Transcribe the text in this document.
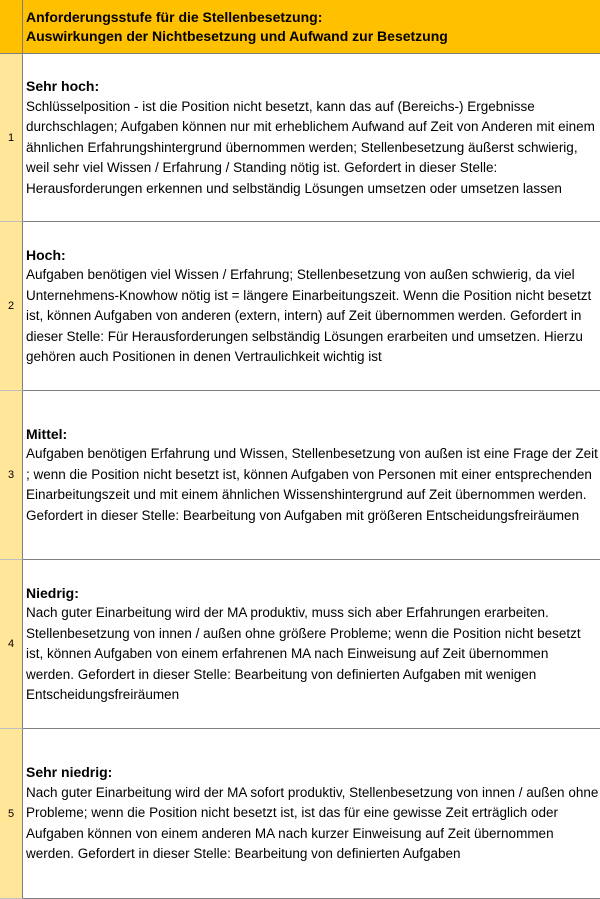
Anforderungsstufe für die Stellenbesetzung:
Auswirkungen der Nichtbesetzung und Aufwand zur Besetzung
1
Sehr hoch:

Schlüsselposition - ist die Position nicht besetzt, kann das auf (Bereichs-) Ergebnisse durchschlagen; Aufgaben können nur mit erheblichem Aufwand auf Zeit von Anderen mit einem ähnlichen Erfahrungshintergrund übernommen werden; Stellenbesetzung äußerst schwierig, weil sehr viel Wissen / Erfahrung / Standing nötig ist. Gefordert in dieser Stelle: Herausforderungen erkennen und selbständig Lösungen umsetzen oder umsetzen lassen

2
Hoch:

Aufgaben benötigen viel Wissen / Erfahrung; Stellenbesetzung von außen schwierig, da viel Unternehmens-Knowhow nötig ist = längere Einarbeitungszeit. Wenn die Position nicht besetzt ist, können Aufgaben von anderen (extern, intern) auf Zeit übernommen werden. Gefordert in dieser Stelle: Für Herausforderungen selbständig Lösungen erarbeiten und umsetzen. Hierzu gehören auch Positionen in denen Vertraulichkeit wichtig ist

3
Mittel:

Aufgaben benötigen Erfahrung und Wissen, Stellenbesetzung von außen ist eine Frage der Zeit ; wenn die Position nicht besetzt ist, können Aufgaben von Personen mit einer entsprechenden Einarbeitungszeit und mit einem ähnlichen Wissenshintergrund auf Zeit übernommen werden. Gefordert in dieser Stelle: Bearbeitung von Aufgaben mit größeren Entscheidungsfreiräumen

4
Niedrig:

Nach guter Einarbeitung wird der MA produktiv, muss sich aber Erfahrungen erarbeiten. Stellenbesetzung von innen / außen ohne größere Probleme; wenn die Position nicht besetzt ist, können Aufgaben von einem erfahrenen MA nach Einweisung auf Zeit übernommen werden. Gefordert in dieser Stelle: Bearbeitung von definierten Aufgaben mit wenigen Entscheidungsfreiräumen

5
Sehr niedrig:

Nach guter Einarbeitung wird der MA sofort produktiv, Stellenbesetzung von innen / außen ohne Probleme; wenn die Position nicht besetzt ist, ist das für eine gewisse Zeit erträglich oder Aufgaben können von einem anderen MA nach kurzer Einweisung auf Zeit übernommen werden. Gefordert in dieser Stelle: Bearbeitung von definierten Aufgaben
